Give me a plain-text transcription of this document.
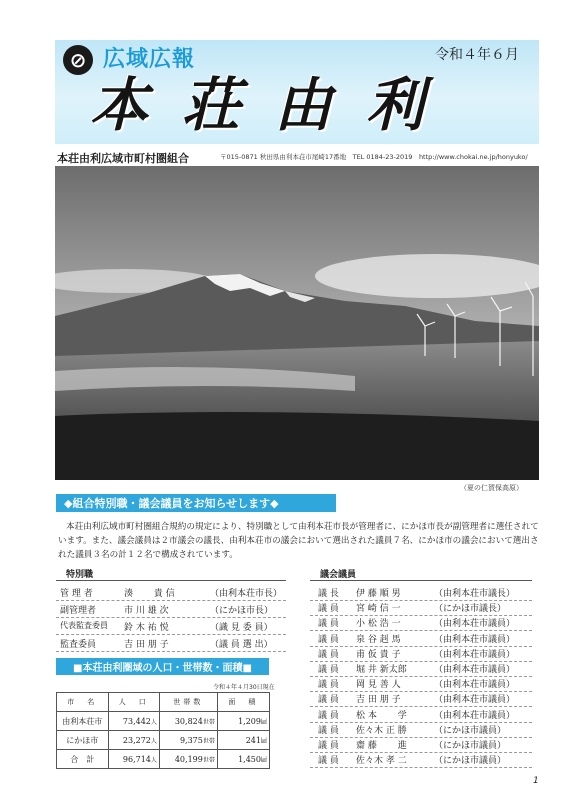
⊘ 広域広報	令和４年６月
本荘由利
本荘由利広域市町村圏組合	〒015-0871 秋田県由利本荘市尾崎17番地　TEL 0184-23-2019　http://www.chokai.ne.jp/honyuko/
（夏の仁賀保高原）
◆組合特別職・議会議員をお知らせします◆
本荘由利広域市町村圏組合規約の規定により、特別職として由利本荘市長が管理者に、にかほ市長が副管理者に選任されています。また、議会議員は２市議会の議長、由利本荘市の議会において選出された議員７名、にかほ市の議会において選出された議員３名の計１２名で構成されています。
特別職
管 理 者	湊　　 貴 信	（由利本荘市長）
副管理者	市 川 雄 次	（にかほ市長）
代表監査委員 鈴 木 祐 悦	（識 見 委 員）
監査委員	吉 田 朋 子	（議 員 選 出）
議会議員
議 長 伊 藤 順 男	（由利本荘市議長）
議 員 宮 崎 信 一	（にかほ市議長）
議 員 小 松 浩 一	（由利本荘市議員）
議 員 泉 谷 赳 馬	（由利本荘市議員）
議 員 甫 仮 貴 子	（由利本荘市議員）
議 員 堀 井 新太郎	（由利本荘市議員）
議 員 岡 見 善 人	（由利本荘市議員）
議 員 吉 田 朋 子	（由利本荘市議員）
議 員 松 本　　 学	（由利本荘市議員）
議 員 佐々木 正 勝	（にかほ市議員）
議 員 齋 藤　　 進	（にかほ市議員）
議 員 佐々木 孝 二	（にかほ市議員）
■本荘由利圏域の人口・世帯数・面積■
令和４年４月30日現在
市　名	人　口	世帯数	面　積
由利本荘市	73,442人	30,824世帯	1,209㎢
にかほ市	23,272人	9,375世帯	241㎢
合　計	96,714人	40,199世帯	1,450㎢
1
